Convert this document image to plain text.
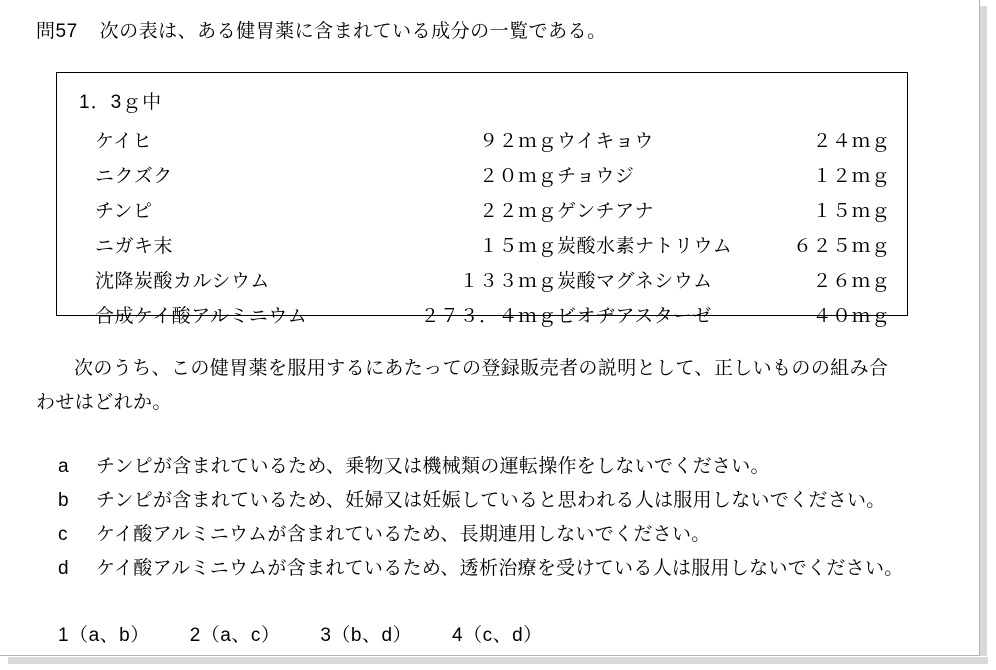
問57 次の表は、ある健胃薬に含まれている成分の一覧である。
1．3ｇ中
ケイヒ	９２ｍｇ	ウイキョウ	２４ｍｇ
ニクズク	２０ｍｇ	チョウジ	１２ｍｇ
チンピ	２２ｍｇ	ゲンチアナ	１５ｍｇ
ニガキ末	１５ｍｇ	炭酸水素ナトリウム	６２５ｍｇ
沈降炭酸カルシウム	１３３ｍｇ	炭酸マグネシウム	２６ｍｇ
合成ケイ酸アルミニウム	２７３．４ｍｇ	ビオヂアスターゼ	４０ｍｇ
次のうち、この健胃薬を服用するにあたっての登録販売者の説明として、正しいものの組み合
わせはどれか。
a チンピが含まれているため、乗物又は機械類の運転操作をしないでください。
b チンピが含まれているため、妊婦又は妊娠していると思われる人は服用しないでください。
c ケイ酸アルミニウムが含まれているため、長期連用しないでください。
d ケイ酸アルミニウムが含まれているため、透析治療を受けている人は服用しないでください。
1（a、b） 2（a、c） 3（b、d） 4（c、d）
